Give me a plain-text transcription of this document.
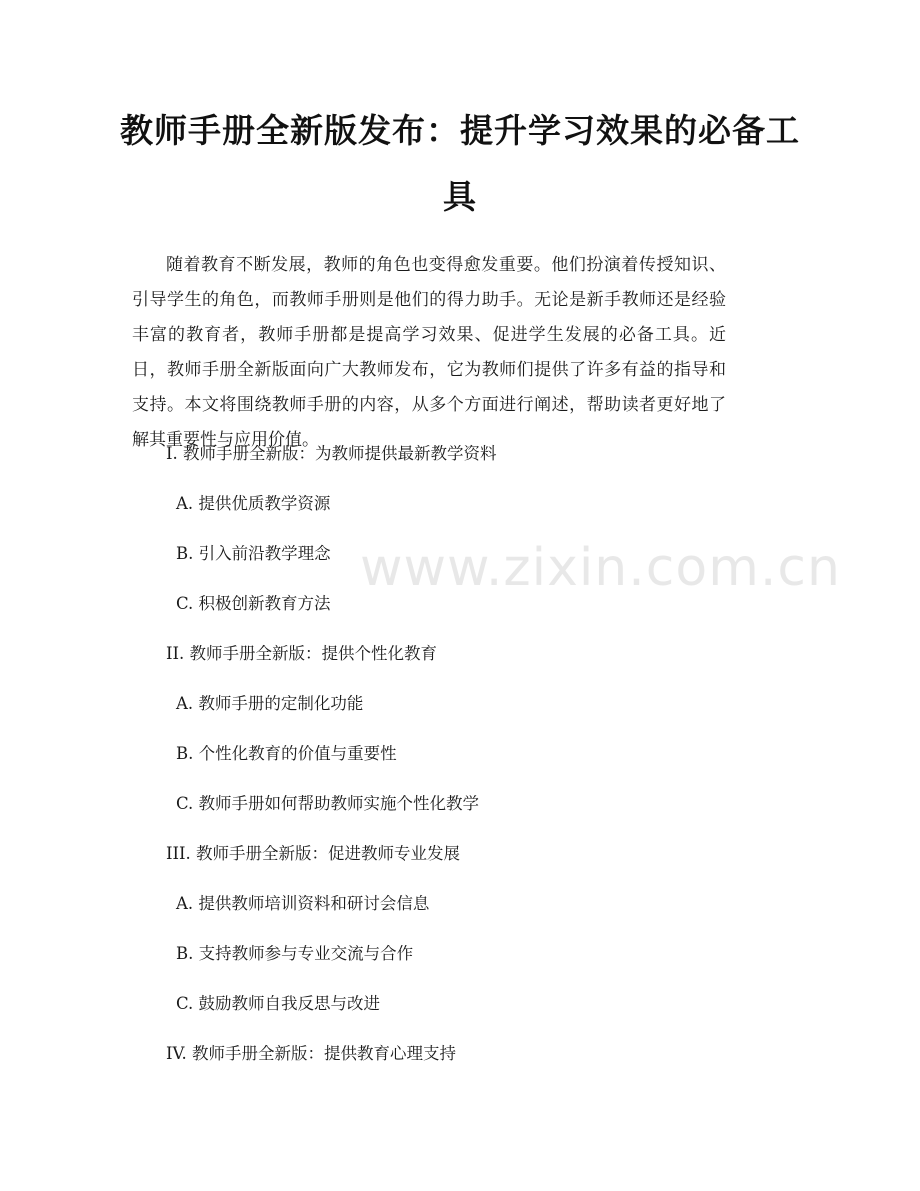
www.zixin.com.cn
教师手册全新版发布：提升学习效果的必备工具
随着教育不断发展，教师的角色也变得愈发重要。他们扮演着传授知识、引导学生的角色，而教师手册则是他们的得力助手。无论是新手教师还是经验丰富的教育者，教师手册都是提高学习效果、促进学生发展的必备工具。近日，教师手册全新版面向广大教师发布，它为教师们提供了许多有益的指导和支持。本文将围绕教师手册的内容，从多个方面进行阐述，帮助读者更好地了解其重要性与应用价值。
I. 教师手册全新版：为教师提供最新教学资料
A. 提供优质教学资源
B. 引入前沿教学理念
C. 积极创新教育方法
II. 教师手册全新版：提供个性化教育
A. 教师手册的定制化功能
B. 个性化教育的价值与重要性
C. 教师手册如何帮助教师实施个性化教学
III. 教师手册全新版：促进教师专业发展
A. 提供教师培训资料和研讨会信息
B. 支持教师参与专业交流与合作
C. 鼓励教师自我反思与改进
IV. 教师手册全新版：提供教育心理支持
